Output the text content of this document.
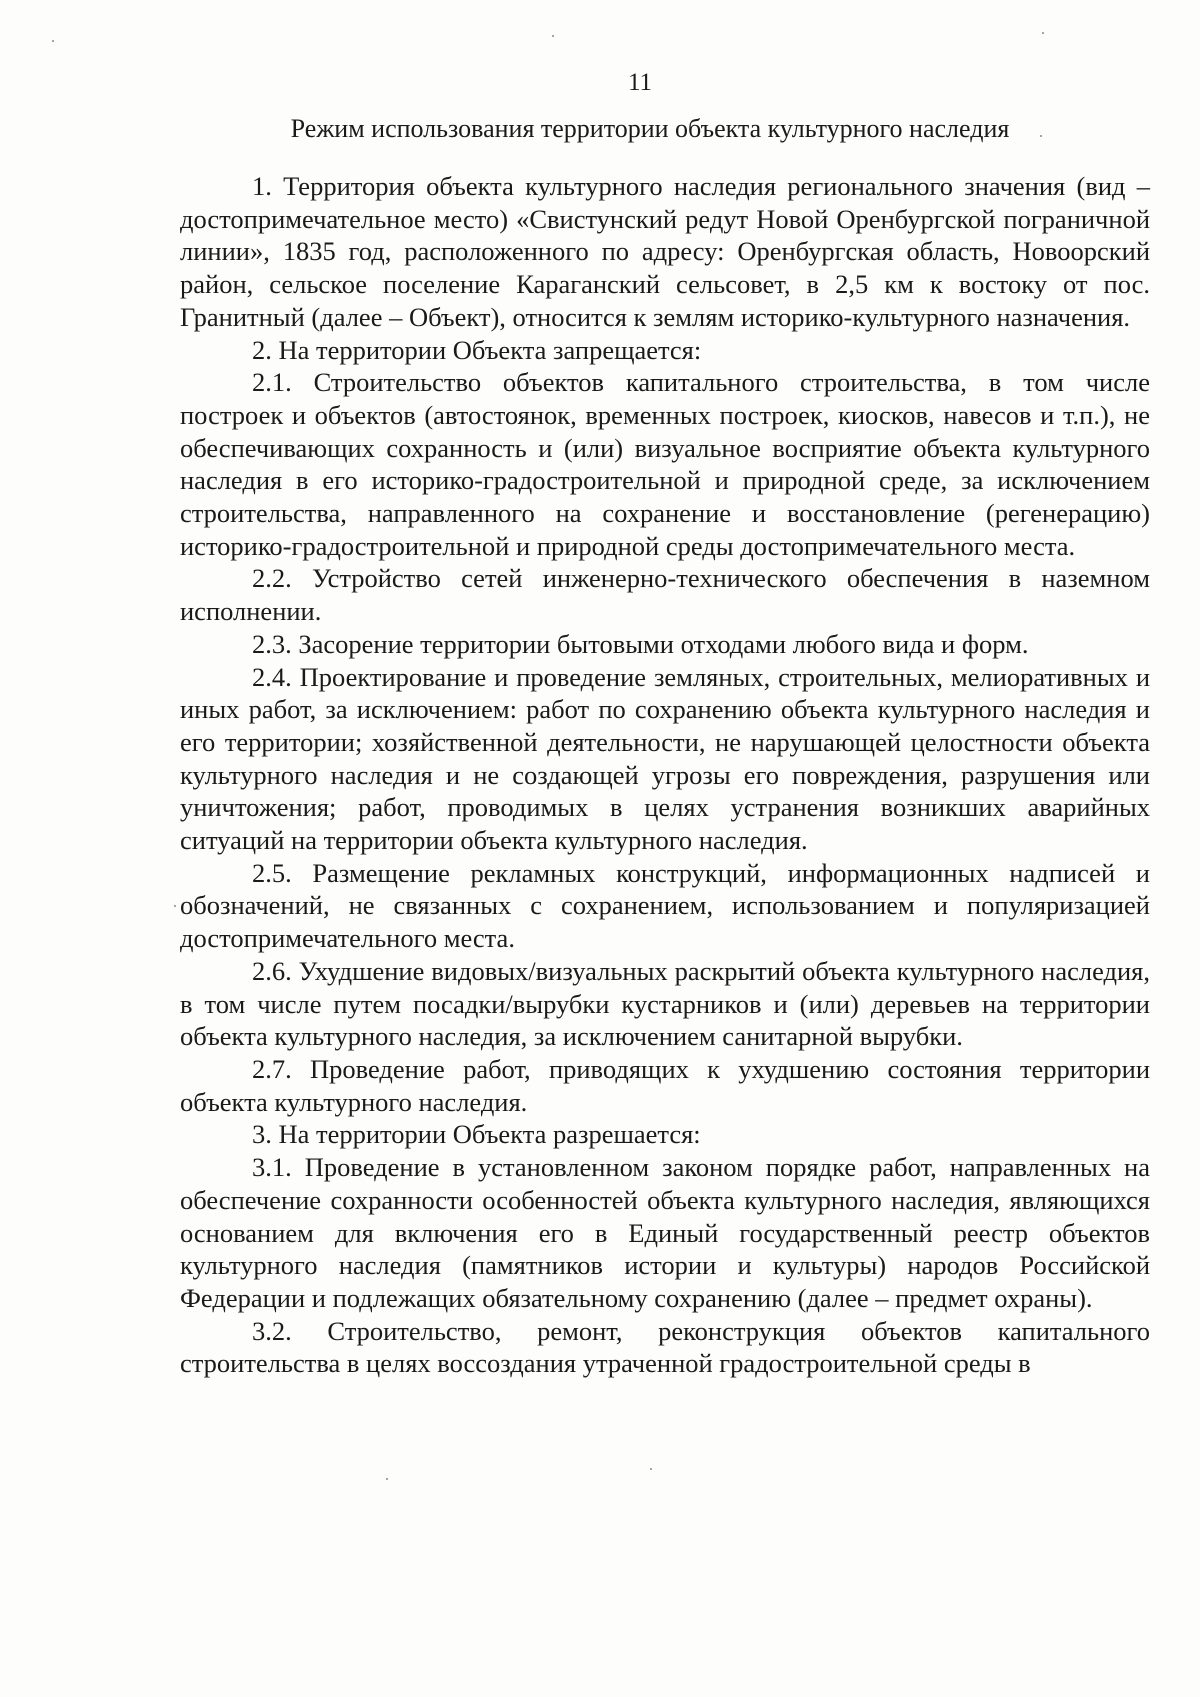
11
Режим использования территории объекта культурного наследия

1. Территория объекта культурного наследия регионального значения (вид – достопримечательное место) «Свистунский редут Новой Оренбургской пограничной линии», 1835 год, расположенного по адресу: Оренбургская область, Новоорский район, сельское поселение Караганский сельсовет, в 2,5 км к востоку от пос. Гранитный (далее – Объект), относится к землям историко-культурного назначения.

2. На территории Объекта запрещается:

2.1. Строительство объектов капитального строительства, в том числе построек и объектов (автостоянок, временных построек, киосков, навесов и т.п.), не обеспечивающих сохранность и (или) визуальное восприятие объекта культурного наследия в его историко-градостроительной и природной среде, за исключением строительства, направленного на сохранение и восстановление (регенерацию) историко-градостроительной и природной среды достопримечательного места.

2.2. Устройство сетей инженерно-технического обеспечения в наземном исполнении.

2.3. Засорение территории бытовыми отходами любого вида и форм.

2.4. Проектирование и проведение земляных, строительных, мелиоративных и иных работ, за исключением: работ по сохранению объекта культурного наследия и его территории; хозяйственной деятельности, не нарушающей целостности объекта культурного наследия и не создающей угрозы его повреждения, разрушения или уничтожения; работ, проводимых в целях устранения возникших аварийных ситуаций на территории объекта культурного наследия.

2.5. Размещение рекламных конструкций, информационных надписей и обозначений, не связанных с сохранением, использованием и популяризацией достопримечательного места.

2.6. Ухудшение видовых/визуальных раскрытий объекта культурного наследия, в том числе путем посадки/вырубки кустарников и (или) деревьев на территории объекта культурного наследия, за исключением санитарной вырубки.

2.7. Проведение работ, приводящих к ухудшению состояния территории объекта культурного наследия.

3. На территории Объекта разрешается:

3.1. Проведение в установленном законом порядке работ, направленных на обеспечение сохранности особенностей объекта культурного наследия, являющихся основанием для включения его в Единый государственный реестр объектов культурного наследия (памятников истории и культуры) народов Российской Федерации и подлежащих обязательному сохранению (далее – предмет охраны).

3.2. Строительство, ремонт, реконструкция объектов капитального строительства в целях воссоздания утраченной градостроительной среды в
